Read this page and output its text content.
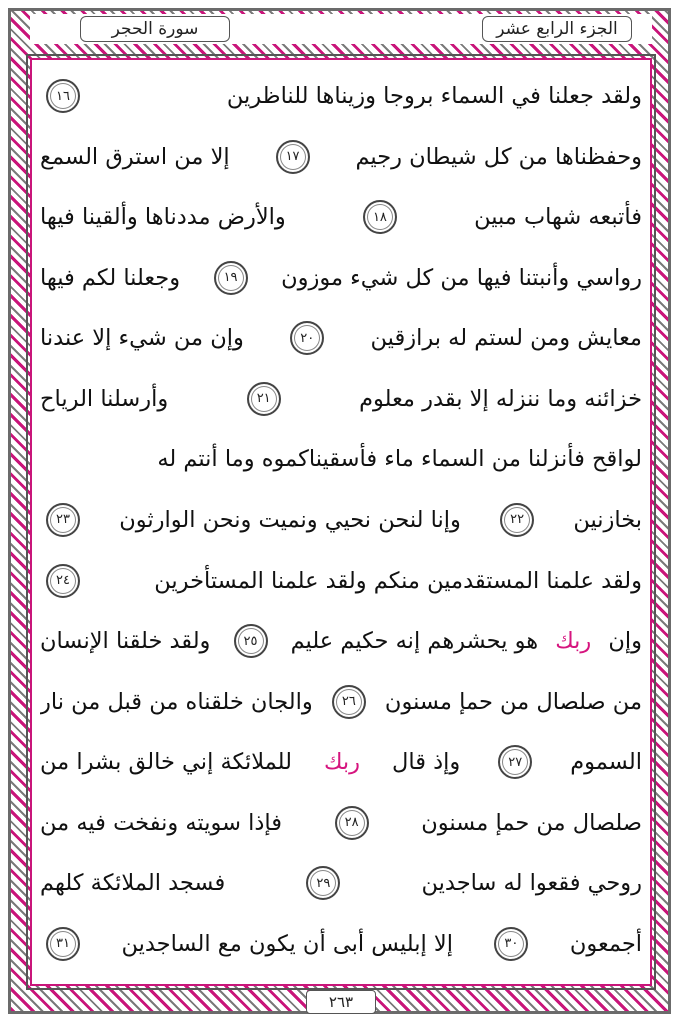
سورة الحجر	الجزء الرابع عشر
ولقد جعلنا في السماء بروجا وزيناها للناظرين
١٦
وحفظناها من كل شيطان رجيم
١٧
إلا من استرق السمع
فأتبعه شهاب مبين
١٨
والأرض مددناها وألقينا فيها
رواسي وأنبتنا فيها من كل شيء موزون
١٩
وجعلنا لكم فيها
معايش ومن لستم له برازقين
٢٠
وإن من شيء إلا عندنا
خزائنه وما ننزله إلا بقدر معلوم
٢١
وأرسلنا الرياح
لواقح فأنزلنا من السماء ماء فأسقيناكموه وما أنتم له
بخازنين
٢٢
وإنا لنحن نحيي ونميت ونحن الوارثون
٢٣
ولقد علمنا المستقدمين منكم ولقد علمنا المستأخرين
٢٤
وإن
ربك
هو يحشرهم إنه حكيم عليم
٢٥
ولقد خلقنا الإنسان
من صلصال من حمإ مسنون
٢٦
والجان خلقناه من قبل من نار
السموم
٢٧
وإذ قال
ربك
للملائكة إني خالق بشرا من
صلصال من حمإ مسنون
٢٨
فإذا سويته ونفخت فيه من
روحي فقعوا له ساجدين
٢٩
فسجد الملائكة كلهم
أجمعون
٣٠
إلا إبليس أبى أن يكون مع الساجدين
٣١
٢٦٣
